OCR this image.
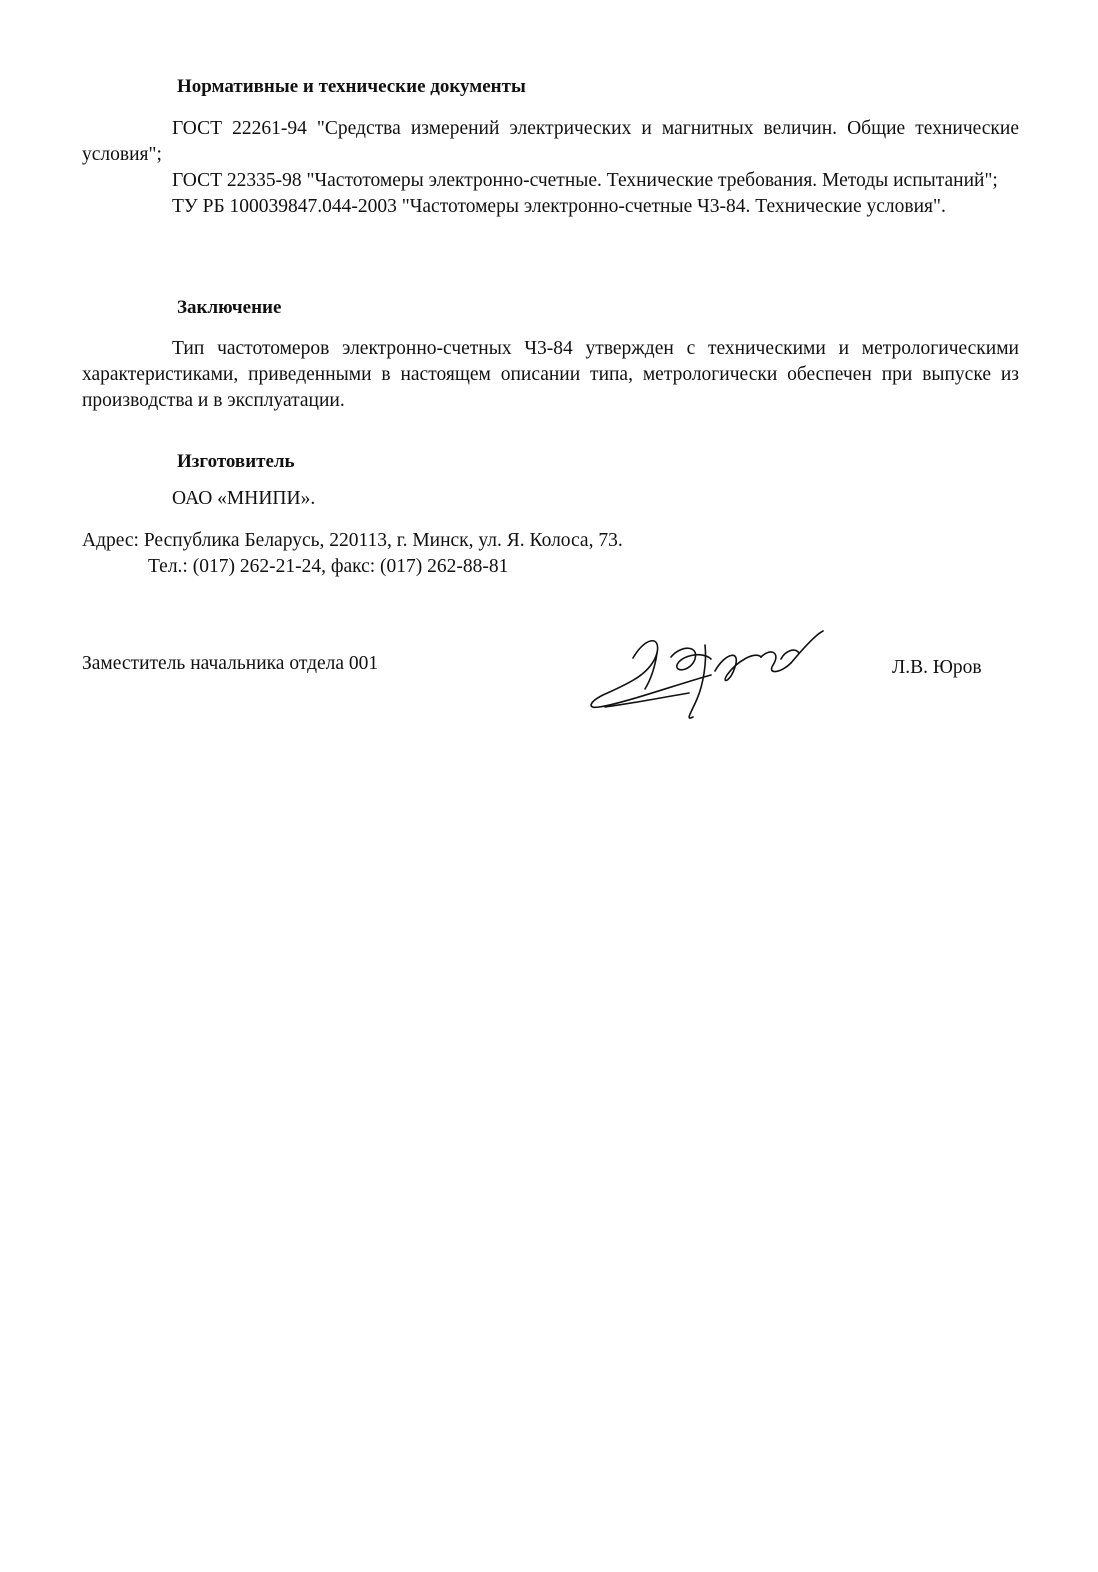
Нормативные и технические документы

ГОСТ 22261-94 "Средства измерений электрических и магнитных величин. Общие технические условия";

ГОСТ 22335-98 "Частотомеры электронно-счетные. Технические требования. Методы испытаний";

ТУ РБ 100039847.044-2003 "Частотомеры электронно-счетные Ч3-84. Технические условия".

Заключение

Тип частотомеров электронно-счетных Ч3-84 утвержден с техническими и метрологическими характеристиками, приведенными в настоящем описании типа, метрологически обеспечен при выпуске из производства и в эксплуатации.

Изготовитель
ОАО «МНИПИ».
Адрес: Республика Беларусь, 220113, г. Минск, ул. Я. Колоса, 73.
Тел.: (017) 262-21-24, факс: (017) 262-88-81
Заместитель начальника отдела 001	Л.В. Юров
